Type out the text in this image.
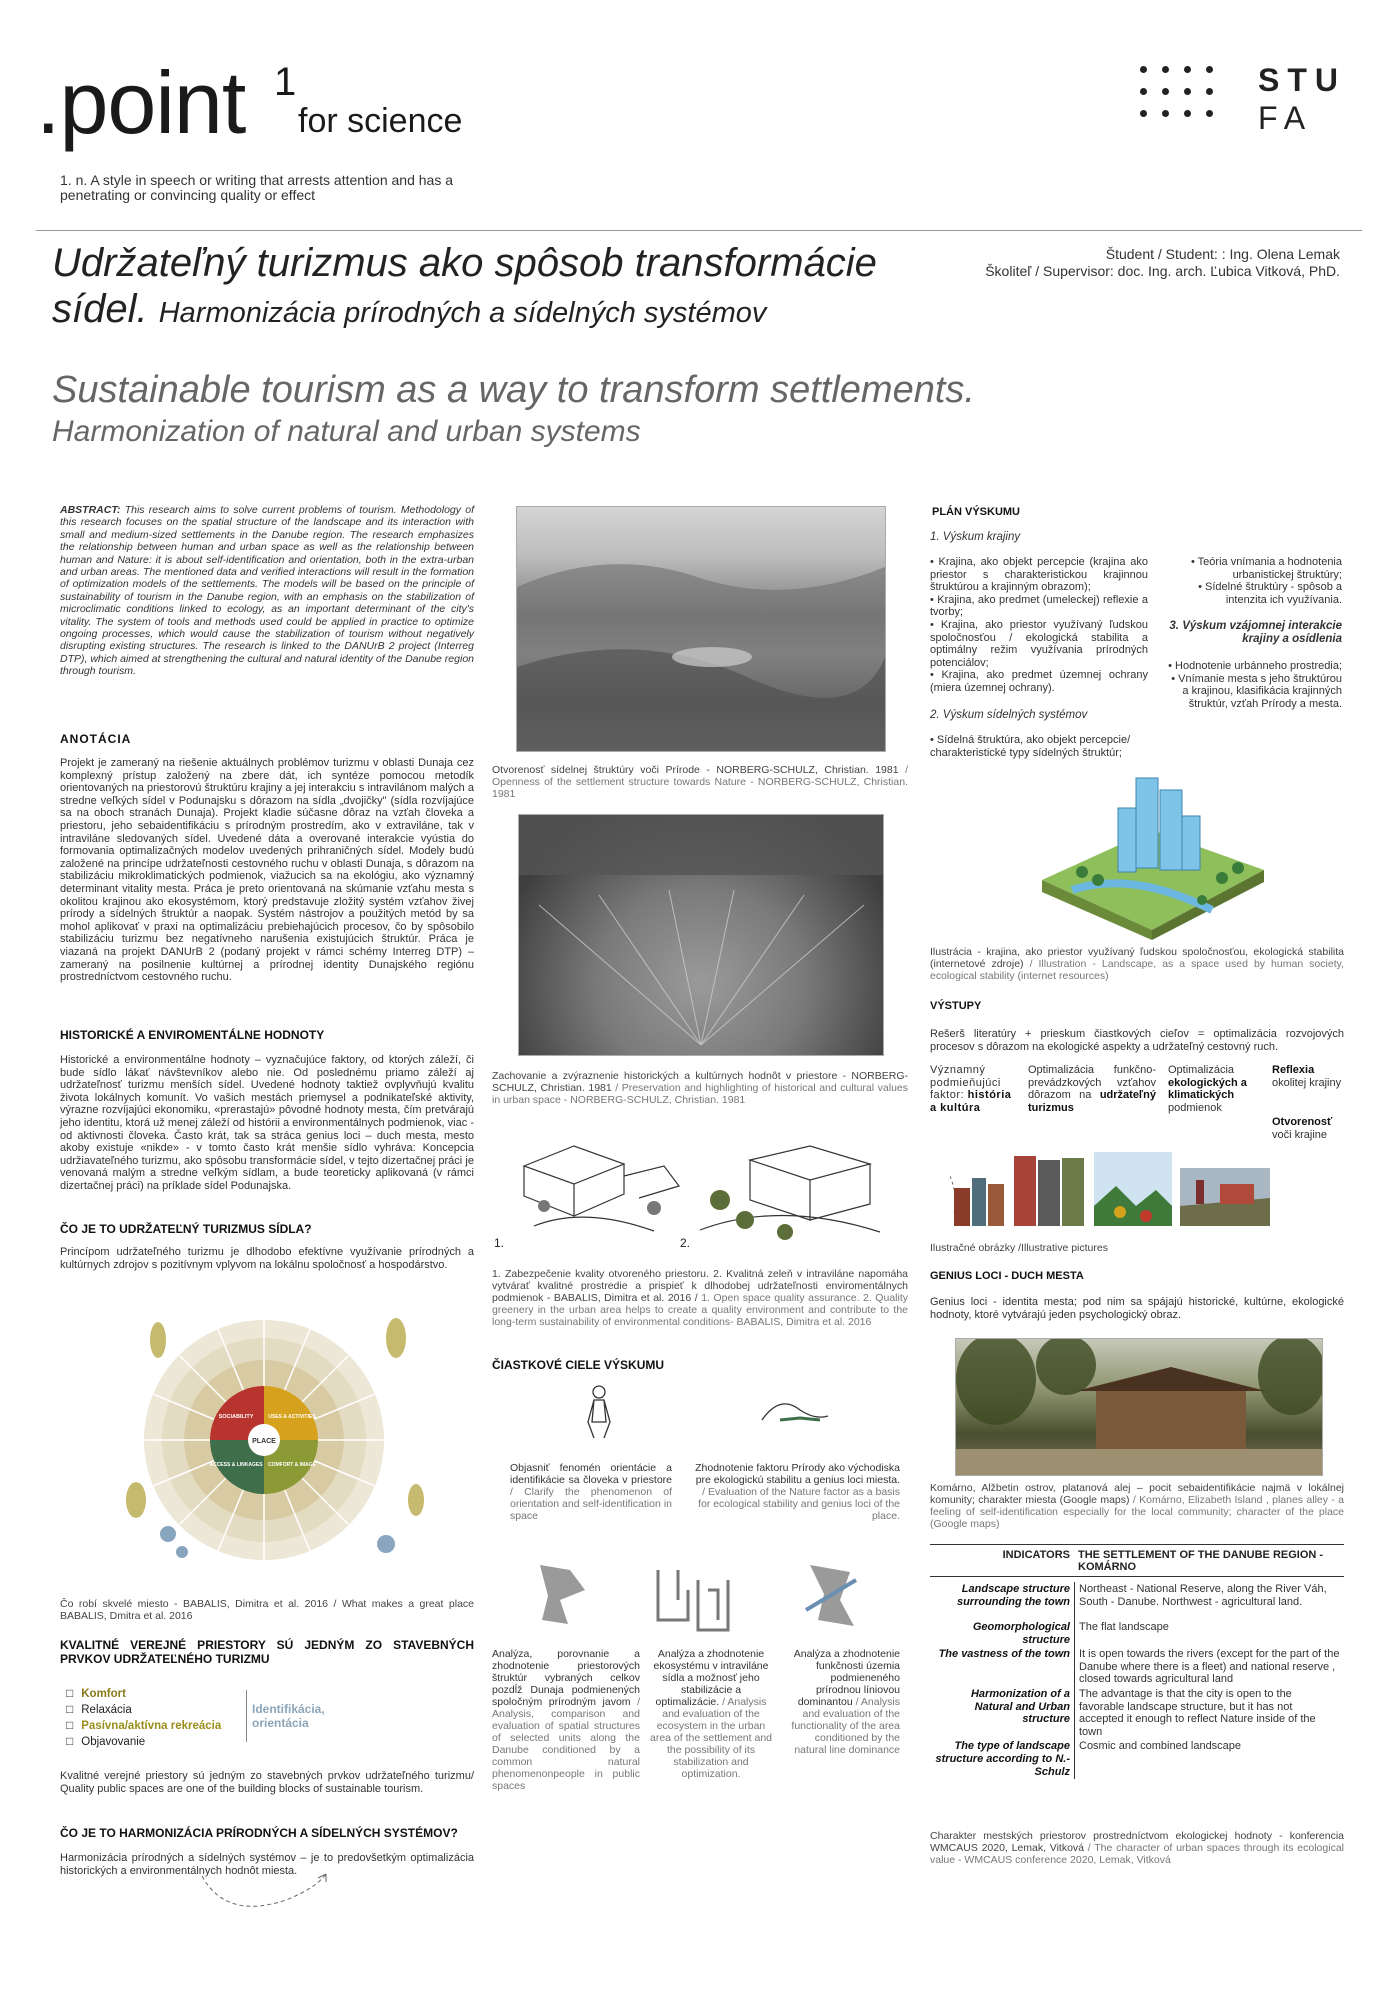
.point 1
for science
1. n. A style in speech or writing that arrests attention and has a penetrating or convincing quality or effect
STU
FA
Udržateľný turizmus ako spôsob transformácie
sídel. Harmonizácia prírodných a sídelných systémov
Študent / Student: : Ing. Olena Lemak
Školiteľ / Supervisor: doc. Ing. arch. Ľubica Vitková, PhD.
Sustainable tourism as a way to transform settlements.
Harmonization of natural and urban systems
ABSTRACT: This research aims to solve current problems of tourism. Methodology of this research focuses on the spatial structure of the landscape and its interaction with small and medium-sized settlements in the Danube region. The research emphasizes the relationship between human and urban space as well as the relationship between human and Nature: it is about self-identification and orientation, both in the extra-urban and urban areas. The mentioned data and verified interactions will result in the formation of optimization models of the settlements. The models will be based on the principle of sustainability of tourism in the Danube region, with an emphasis on the stabilization of microclimatic conditions linked to ecology, as an important determinant of the city's vitality. The system of tools and methods used could be applied in practice to optimize ongoing processes, which would cause the stabilization of tourism without negatively disrupting existing structures. The research is linked to the DANUrB 2 project (Interreg DTP), which aimed at strengthening the cultural and natural identity of the Danube region through tourism.
ANOTÁCIA
Projekt je zameraný na riešenie aktuálnych problémov turizmu v oblasti Dunaja cez komplexný prístup založený na zbere dát, ich syntéze pomocou metodík orientovaných na priestorovú štruktúru krajiny a jej interakciu s intravilánom malých a stredne veľkých sídel v Podunajsku s dôrazom na sídla „dvojičky" (sídla rozvíjajúce sa na oboch stranách Dunaja). Projekt kladie súčasne dôraz na vzťah človeka a priestoru, jeho sebaidentifikáciu s prírodným prostredím, ako v extraviláne, tak v intraviláne sledovaných sídel. Uvedené dáta a overované interakcie vyústia do formovania optimalizačných modelov uvedených prihraničných sídel. Modely budú založené na princípe udržateľnosti cestovného ruchu v oblasti Dunaja, s dôrazom na stabilizáciu mikroklimatických podmienok, viažucich sa na ekológiu, ako významný determinant vitality mesta. Práca je preto orientovaná na skúmanie vzťahu mesta s okolitou krajinou ako ekosystémom, ktorý predstavuje zložitý systém vzťahov živej prírody a sídelných štruktúr a naopak. Systém nástrojov a použitých metód by sa mohol aplikovať v praxi na optimalizáciu prebiehajúcich procesov, čo by spôsobilo stabilizáciu turizmu bez negatívneho narušenia existujúcich štruktúr. Práca je viazaná na projekt DANUrB 2 (podaný projekt v rámci schémy Interreg DTP) – zameraný na posilnenie kultúrnej a prírodnej identity Dunajského regiónu prostredníctvom cestovného ruchu.
HISTORICKÉ A ENVIROMENTÁLNE HODNOTY
Historické a environmentálne hodnoty – vyznačujúce faktory, od ktorých záleží, či bude sídlo lákať návštevníkov alebo nie. Od poslednému priamo záleží aj udržateľnosť turizmu menších sídel. Uvedené hodnoty taktiež ovplyvňujú kvalitu života lokálnych komunít. Vo vašich mestách priemysel a podnikateľské aktivity, výrazne rozvíjajúci ekonomiku, «prerastajú» pôvodné hodnoty mesta, čím pretvárajú jeho identitu, ktorá už menej záleží od histórii a environmentálnych podmienok, viac - od aktivnosti človeka. Často krát, tak sa stráca genius loci – duch mesta, mesto akoby existuje «nikde» - v tomto často krát menšie sídlo vyhráva: Koncepcia udržiavateľného turizmu, ako spôsobu transformácie sídel, v tejto dizertačnej práci je venovaná malým a stredne veľkým sídlam, a bude teoreticky aplikovaná (v rámci dizertačnej práci) na príklade sídel Podunajska.
ČO JE TO UDRŽATEĽNÝ TURIZMUS SÍDLA?
Princípom udržateľného turizmu je dlhodobo efektívne využívanie prírodných a kultúrnych zdrojov s pozitívnym vplyvom na lokálnu spoločnosť a hospodárstvo.
PLACE
SOCIABILITY	USES & ACTIVITIES
ACCESS & LINKAGES COMFORT & IMAGE
Čo robí skvelé miesto - BABALIS, Dimitra et al. 2016 / What makes a great place BABALIS, Dmitra et al. 2016
KVALITNÉ VEREJNÉ PRIESTORY SÚ JEDNÝM ZO STAVEBNÝCH PRVKOV UDRŽATEĽNÉHO TURIZMU
□ Komfort
□ Relaxácia
□ Pasívna/aktívna rekreácia
□ Objavovanie
Identifikácia, orientácia
Kvalitné verejné priestory sú jedným zo stavebných prvkov udržateľného turizmu/ Quality public spaces are one of the building blocks of sustainable tourism.
ČO JE TO HARMONIZÁCIA PRÍRODNÝCH A SÍDELNÝCH SYSTÉMOV?
Harmonizácia prírodných a sídelných systémov – je to predovšetkým optimalizácia historických a environmentálnych hodnôt miesta.
Otvorenosť sídelnej štruktúry voči Prírode - NORBERG-SCHULZ, Christian. 1981 / Openness of the settlement structure towards Nature - NORBERG-SCHULZ, Christian. 1981
Zachovanie a zvýraznenie historických a kultúrnych hodnôt v priestore - NORBERG-SCHULZ, Christian. 1981 / Preservation and highlighting of historical and cultural values in urban space - NORBERG-SCHULZ, Christian. 1981
1.	2.
1. Zabezpečenie kvality otvoreného priestoru. 2. Kvalitná zeleň v intraviláne napomáha vytvárať kvalitné prostredie a prispieť k dlhodobej udržateľnosti enviromentálnych podmienok - BABALIS, Dimitra et al. 2016 / 1. Open space quality assurance. 2. Quality greenery in the urban area helps to create a quality environment and contribute to the long-term sustainability of environmental conditions- BABALIS, Dimitra et al. 2016
ČIASTKOVÉ CIELE VÝSKUMU
Objasniť fenomén orientácie a identifikácie sa človeka v priestore / Clarify the phenomenon of orientation and self-identification in space
Zhodnotenie faktoru Prírody ako východiska pre ekologickú stabilitu a genius loci miesta. / Evaluation of the Nature factor as a basis for ecological stability and genius loci of the place.
Analýza, porovnanie a zhodnotenie priestorových štruktúr vybraných celkov pozdĺž Dunaja podmienených spoločným prírodným javom / Analysis, comparison and evaluation of spatial structures of selected units along the Danube conditioned by a common natural phenomenonpeople in public spaces
Analýza a zhodnotenie ekosystému v intraviláne sídla a možnosť jeho stabilizácie a optimalizácie. / Analysis and evaluation of the ecosystem in the urban area of the settlement and the possibility of its stabilization and optimization.
Analýza a zhodnotenie funkčnosti územia podmieneného prírodnou líniovou dominantou / Analysis and evaluation of the functionality of the area conditioned by the natural line dominance
PLÁN VÝSKUMU
1. Výskum krajiny
• Krajina, ako objekt percepcie (krajina ako priestor s charakteristickou krajinnou štruktúrou a krajinným obrazom);
• Krajina, ako predmet (umeleckej) reflexie a tvorby;
• Krajina, ako priestor využívaný ľudskou spoločnosťou / ekologická stabilita a optimálny režim využívania prírodných potenciálov;
• Krajina, ako predmet územnej ochrany (miera územnej ochrany).
2. Výskum sídelných systémov
• Sídelná štruktúra, ako objekt percepcie/ charakteristické typy sídelných štruktúr;
• Teória vnímania a hodnotenia urbanistickej štruktúry;
• Sídelné štruktúry - spôsob a intenzita ich využívania.
3. Výskum vzájomnej interakcie krajiny a osídlenia
• Hodnotenie urbánneho prostredia;
• Vnímanie mesta s jeho štruktúrou a krajinou, klasifikácia krajinných štruktúr, vzťah Prírody a mesta.
Ilustrácia - krajina, ako priestor využívaný ľudskou spoločnosťou, ekologická stabilita (internetové zdroje) / Illustration - Landscape, as a space used by human society, ecological stability (internet resources)
VÝSTUPY
Rešerš literatúry + prieskum čiastkových cieľov = optimalizácia rozvojových procesov s dôrazom na ekologické aspekty a udržateľný cestovný ruch.
Významný podmieňujúci faktor: história a kultúra
Optimalizácia funkčno-prevádzkových vzťahov dôrazom na udržateľný turizmus
Optimalizácia ekologických a klimatických podmienok
Reflexia okolitej krajiny
Otvorenosť voči krajine
Ilustračné obrázky /Illustrative pictures
GENIUS LOCI - DUCH MESTA
Genius loci - identita mesta; pod nim sa spájajú historické, kultúrne, ekologické hodnoty, ktoré vytvárajú jeden psychologický obraz.
Komárno, Alžbetin ostrov, platanová alej – pocit sebaidentifikácie najmä v lokálnej komunity; charakter miesta (Google maps) / Komárno, Elizabeth Island , planes alley - a feeling of self-identification especially for the local community; character of the place (Google maps)
INDICATORS THE SETTLEMENT OF THE DANUBE REGION - KOMÁRNO
Landscape structure surrounding the town	Northeast - National Reserve, along the River Váh, South - Danube. Northwest - agricultural land.
Geomorphological structure	The flat landscape
The vastness of the town	It is open towards the rivers (except for the part of the Danube where there is a fleet) and national reserve , closed towards agricultural land
Harmonization of a Natural and Urban structure	The advantage is that the city is open to the favorable landscape structure, but it has not accepted it enough to reflect Nature inside of the town
The type of landscape structure according to N.-Schulz	Cosmic and combined landscape
Charakter mestských priestorov prostredníctvom ekologickej hodnoty - konferencia WMCAUS 2020, Lemak, Vitková / The character of urban spaces through its ecological value - WMCAUS conference 2020, Lemak, Vitková
